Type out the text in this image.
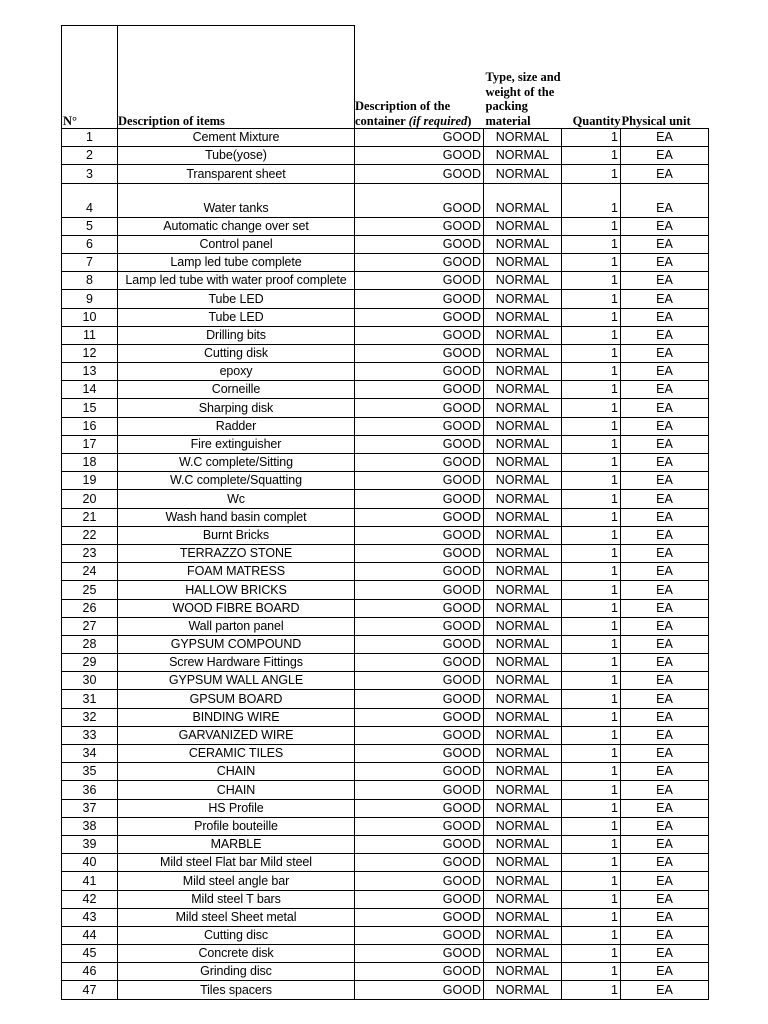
N°	Description of items	Description of the container (if required)	Type, size and weight of the packing material	Quantity	Physical unit
1	Cement Mixture	GOOD	NORMAL	1	EA
2	Tube(yose)	GOOD	NORMAL	1	EA
3	Transparent sheet	GOOD	NORMAL	1	EA
4	Water tanks	GOOD	NORMAL	1	EA
5	Automatic change over set	GOOD	NORMAL	1	EA
6	Control panel	GOOD	NORMAL	1	EA
7	Lamp led tube complete	GOOD	NORMAL	1	EA
8	Lamp led tube with water proof complete	GOOD	NORMAL	1	EA
9	Tube LED	GOOD	NORMAL	1	EA
10	Tube LED	GOOD	NORMAL	1	EA
11	Drilling bits	GOOD	NORMAL	1	EA
12	Cutting disk	GOOD	NORMAL	1	EA
13	epoxy	GOOD	NORMAL	1	EA
14	Corneille	GOOD	NORMAL	1	EA
15	Sharping disk	GOOD	NORMAL	1	EA
16	Radder	GOOD	NORMAL	1	EA
17	Fire extinguisher	GOOD	NORMAL	1	EA
18	W.C complete/Sitting	GOOD	NORMAL	1	EA
19	W.C complete/Squatting	GOOD	NORMAL	1	EA
20	Wc	GOOD	NORMAL	1	EA
21	Wash hand basin complet	GOOD	NORMAL	1	EA
22	Burnt Bricks	GOOD	NORMAL	1	EA
23	TERRAZZO STONE	GOOD	NORMAL	1	EA
24	FOAM MATRESS	GOOD	NORMAL	1	EA
25	HALLOW BRICKS	GOOD	NORMAL	1	EA
26	WOOD FIBRE BOARD	GOOD	NORMAL	1	EA
27	Wall parton panel	GOOD	NORMAL	1	EA
28	GYPSUM COMPOUND	GOOD	NORMAL	1	EA
29	Screw Hardware Fittings	GOOD	NORMAL	1	EA
30	GYPSUM WALL ANGLE	GOOD	NORMAL	1	EA
31	GPSUM BOARD	GOOD	NORMAL	1	EA
32	BINDING WIRE	GOOD	NORMAL	1	EA
33	GARVANIZED WIRE	GOOD	NORMAL	1	EA
34	CERAMIC TILES	GOOD	NORMAL	1	EA
35	CHAIN	GOOD	NORMAL	1	EA
36	CHAIN	GOOD	NORMAL	1	EA
37	HS Profile	GOOD	NORMAL	1	EA
38	Profile bouteille	GOOD	NORMAL	1	EA
39	MARBLE	GOOD	NORMAL	1	EA
40	Mild steel Flat bar Mild steel	GOOD	NORMAL	1	EA
41	Mild steel angle bar	GOOD	NORMAL	1	EA
42	Mild steel T bars	GOOD	NORMAL	1	EA
43	Mild steel Sheet metal	GOOD	NORMAL	1	EA
44	Cutting disc	GOOD	NORMAL	1	EA
45	Concrete disk	GOOD	NORMAL	1	EA
46	Grinding disc	GOOD	NORMAL	1	EA
47	Tiles spacers	GOOD	NORMAL	1	EA
